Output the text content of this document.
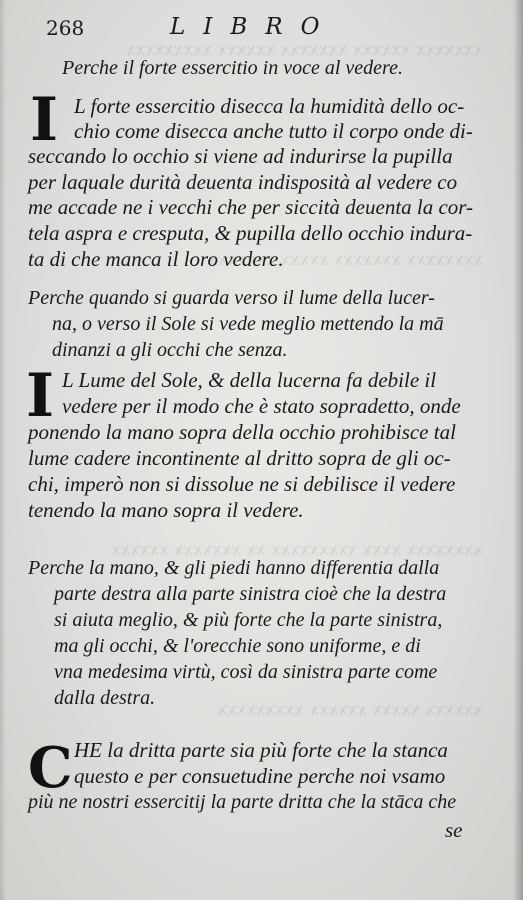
xxxxxxx xxxxxx xxxxxxx xxxxxx xxxxxxxxx
xxxxxxxx xxxxxxx xxxxx xxxxxxx
xxxxxxxx xxxx xxxxxxxxx xx xxxxxxx xxxxxx
xxxxxx xxxxx xxxxxx xxxxxxxxx
268	LIBRO
Perche il forte essercitio in voce al vedere.
I L forte essercitio disecca la humidità dello oc-
chio come disecca anche tutto il corpo onde di-
seccando lo occhio si viene ad indurirse la pupilla
per laquale durità deuenta indisposità al vedere co
me accade ne i vecchi che per siccità deuenta la cor-
tela aspra e cresputa, & pupilla dello occhio indura-
ta di che manca il loro vedere.
Perche quando si guarda verso il lume della lucer-
na, o verso il Sole si vede meglio mettendo la mā
dinanzi a gli occhi che senza.
I L Lume del Sole, & della lucerna fa debile il
vedere per il modo che è stato sopradetto, onde
ponendo la mano sopra della occhio prohibisce tal
lume cadere incontinente al dritto sopra de gli oc-
chi, imperò non si dissolue ne si debilisce il vedere
tenendo la mano sopra il vedere.
Perche la mano, & gli piedi hanno differentia dalla
parte destra alla parte sinistra cioè che la destra
si aiuta meglio, & più forte che la parte sinistra,
ma gli occhi, & l'orecchie sono uniforme, e di
vna medesima virtù, così da sinistra parte come
dalla destra.
C HE la dritta parte sia più forte che la stanca
questo e per consuetudine perche noi vsamo
più ne nostri essercitij la parte dritta che la stāca che
se
